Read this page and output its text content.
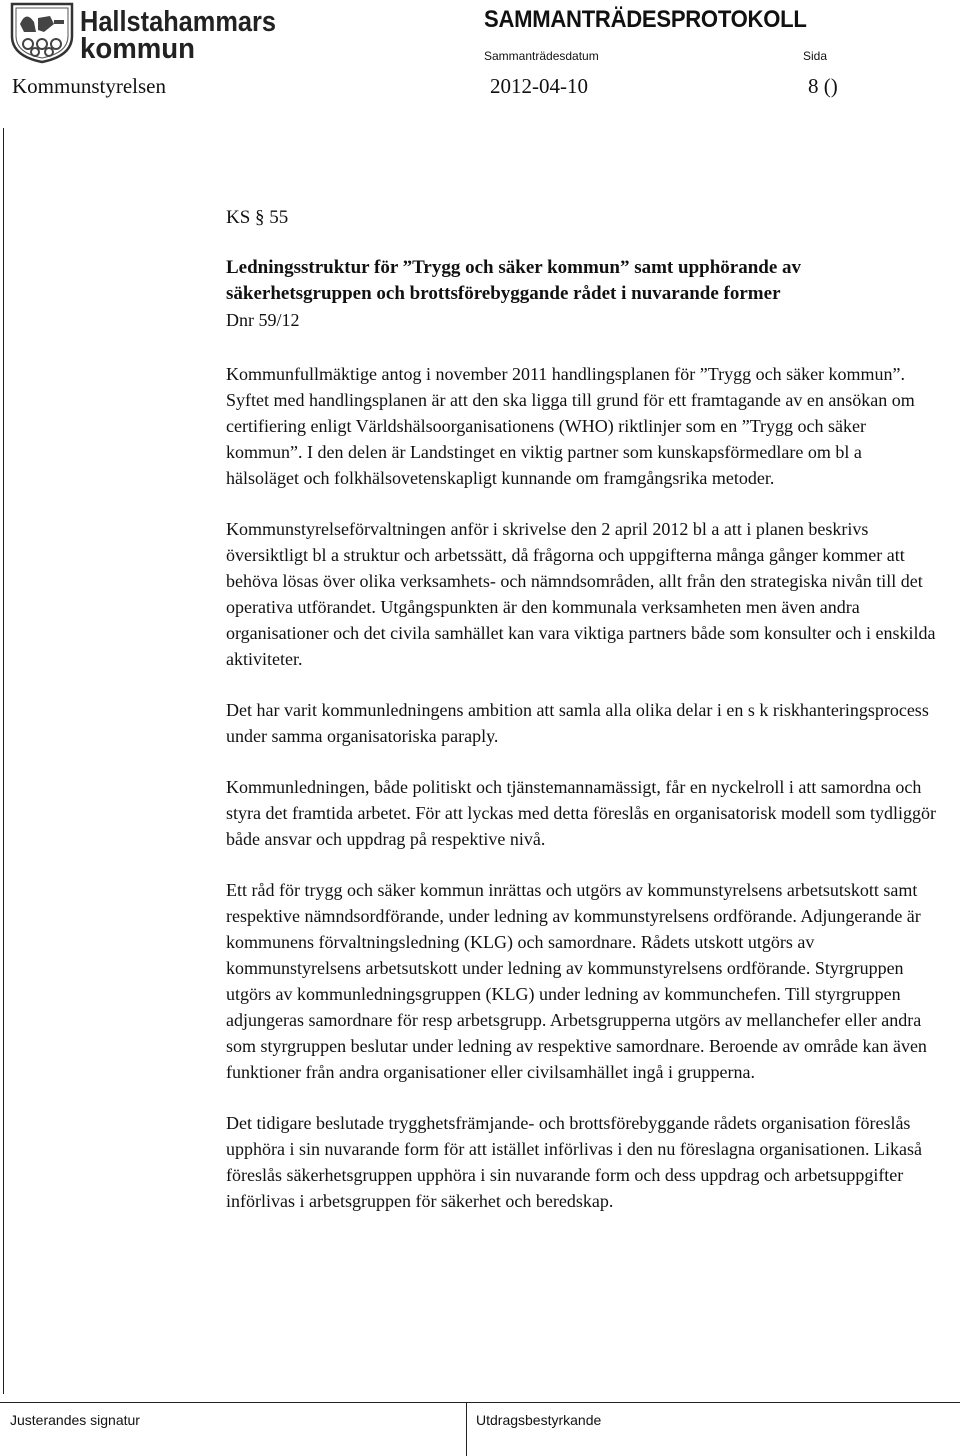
Hallstahammars
kommun
SAMMANTRÄDESPROTOKOLL
Sammanträdesdatum	Sida
Kommunstyrelsen	2012-04-10	8 ()

KS § 55

Ledningsstruktur för ”Trygg och säker kommun” samt upphörande av
säkerhetsgruppen och brottsförebyggande rådet i nuvarande former

Dnr 59/12

Kommunfullmäktige antog i november 2011 handlingsplanen för ”Trygg och säker kommun”. Syftet med handlingsplanen är att den ska ligga till grund för ett framtagande av en ansökan om certifiering enligt Världshälsoorganisationens (WHO) riktlinjer som en ”Trygg och säker kommun”. I den delen är Landstinget en viktig partner som kunskapsförmedlare om bl a hälsoläget och folkhälsovetenskapligt kunnande om framgångsrika metoder.

Kommunstyrelseförvaltningen anför i skrivelse den 2 april 2012 bl a att i planen beskrivs översiktligt bl a struktur och arbetssätt, då frågorna och uppgifterna många gånger kommer att behöva lösas över olika verksamhets- och nämndsområden, allt från den strategiska nivån till det operativa utförandet. Utgångspunkten är den kommunala verksamheten men även andra organisationer och det civila samhället kan vara viktiga partners både som konsulter och i enskilda aktiviteter.

Det har varit kommunledningens ambition att samla alla olika delar i en s k riskhanteringsprocess under samma organisatoriska paraply.

Kommunledningen, både politiskt och tjänstemannamässigt, får en nyckelroll i att samordna och styra det framtida arbetet. För att lyckas med detta föreslås en organisatorisk modell som tydliggör både ansvar och uppdrag på respektive nivå.

Ett råd för trygg och säker kommun inrättas och utgörs av kommunstyrelsens arbetsutskott samt respektive nämndsordförande, under ledning av kommunstyrelsens ordförande. Adjungerande är kommunens förvaltningsledning (KLG) och samordnare. Rådets utskott utgörs av kommunstyrelsens arbetsutskott under ledning av kommunstyrelsens ordförande. Styrgruppen utgörs av kommunledningsgruppen (KLG) under ledning av kommunchefen. Till styrgruppen adjungeras samordnare för resp arbetsgrupp. Arbetsgrupperna utgörs av mellanchefer eller andra som styrgruppen beslutar under ledning av respektive samordnare. Beroende av område kan även funktioner från andra organisationer eller civilsamhället ingå i grupperna.

Det tidigare beslutade trygghetsfrämjande- och brottsförebyggande rådets organisation föreslås upphöra i sin nuvarande form för att istället införlivas i den nu föreslagna organisationen. Likaså föreslås säkerhetsgruppen upphöra i sin nuvarande form och dess uppdrag och arbetsuppgifter införlivas i arbetsgruppen för säkerhet och beredskap.

Justerandes signatur	Utdragsbestyrkande
